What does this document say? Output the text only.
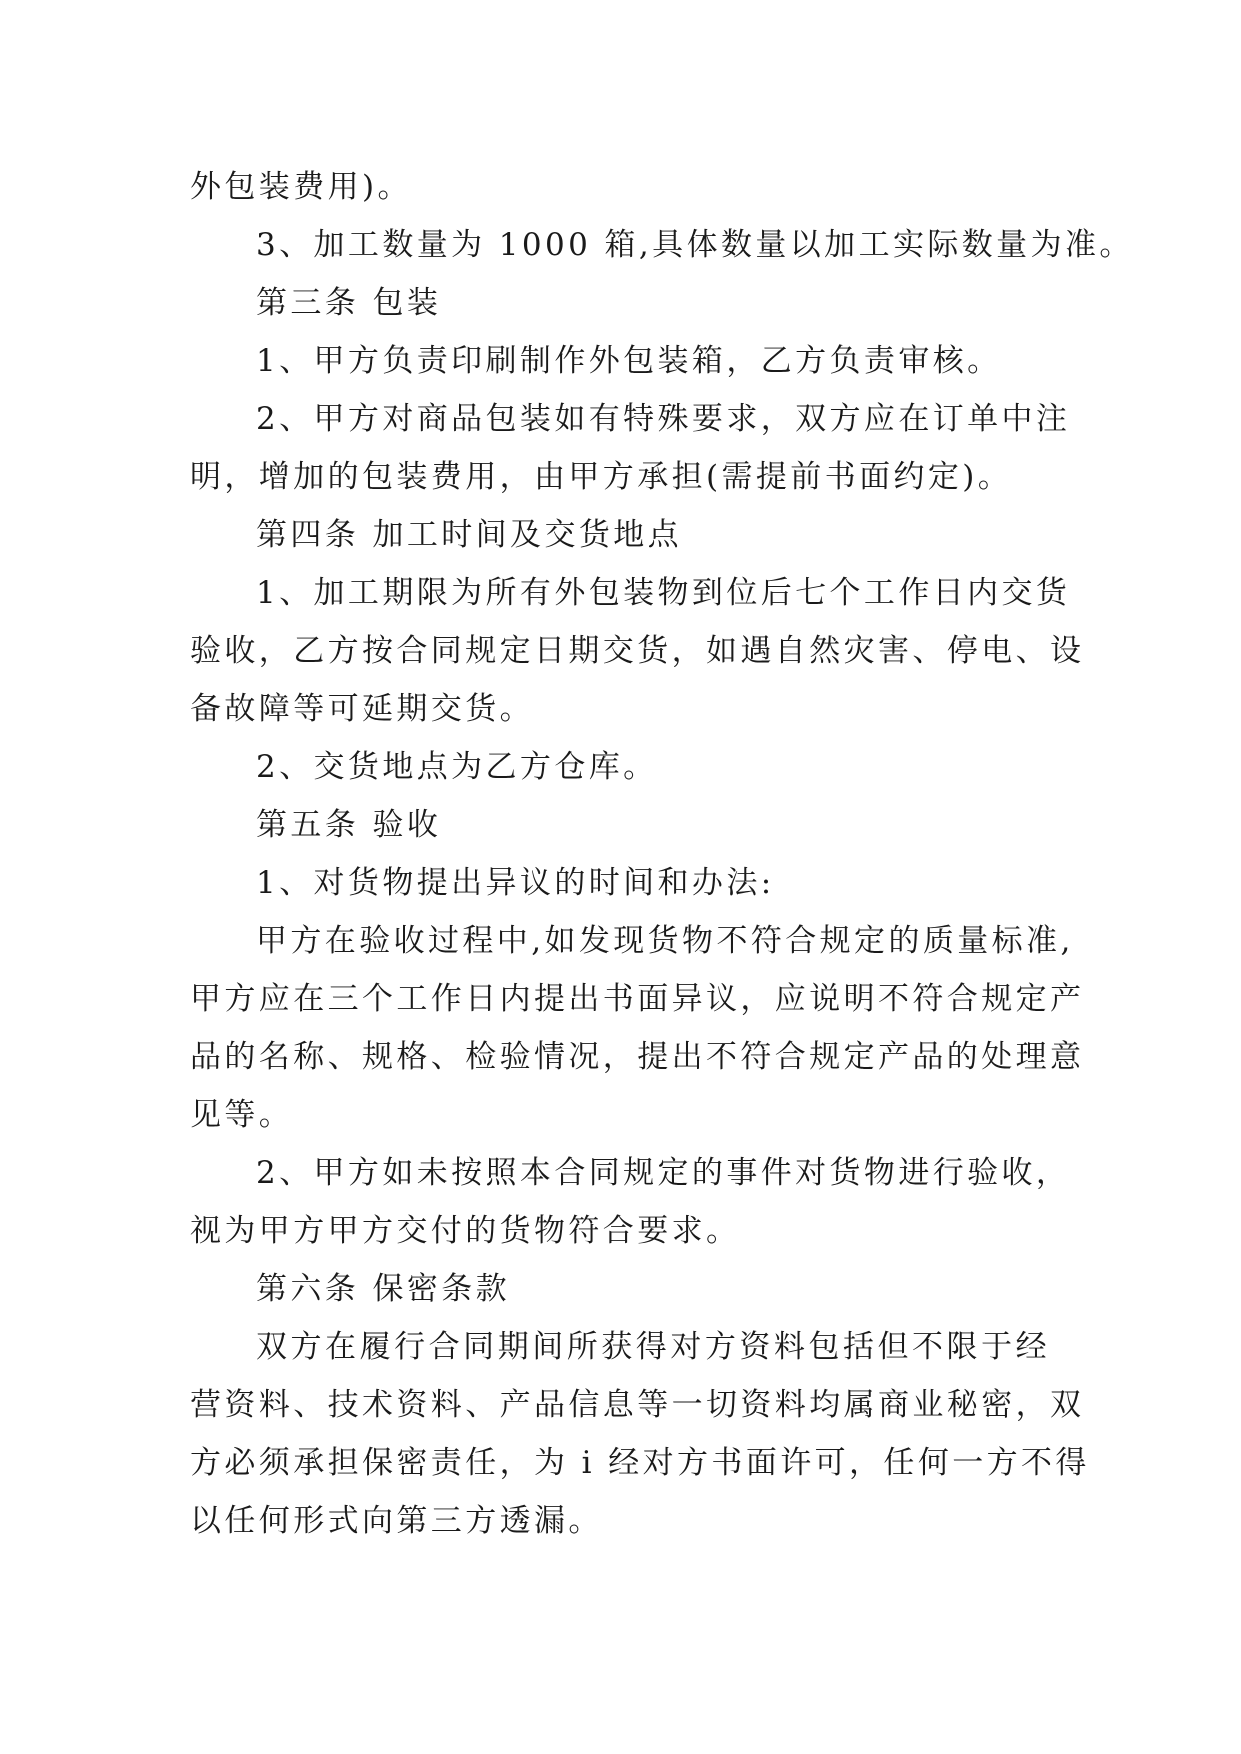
外包装费用)。
3、加工数量为 1000 箱,具体数量以加工实际数量为准。
第三条 包装
1、甲方负责印刷制作外包装箱，乙方负责审核。
2、甲方对商品包装如有特殊要求，双方应在订单中注
明，增加的包装费用，由甲方承担(需提前书面约定)。
第四条 加工时间及交货地点
1、加工期限为所有外包装物到位后七个工作日内交货
验收，乙方按合同规定日期交货，如遇自然灾害、停电、设
备故障等可延期交货。
2、交货地点为乙方仓库。
第五条 验收
1、对货物提出异议的时间和办法:
甲方在验收过程中,如发现货物不符合规定的质量标准,
甲方应在三个工作日内提出书面异议，应说明不符合规定产
品的名称、规格、检验情况，提出不符合规定产品的处理意
见等。
2、甲方如未按照本合同规定的事件对货物进行验收，
视为甲方甲方交付的货物符合要求。
第六条 保密条款
双方在履行合同期间所获得对方资料包括但不限于经
营资料、技术资料、产品信息等一切资料均属商业秘密，双
方必须承担保密责任，为 i 经对方书面许可，任何一方不得
以任何形式向第三方透漏。
